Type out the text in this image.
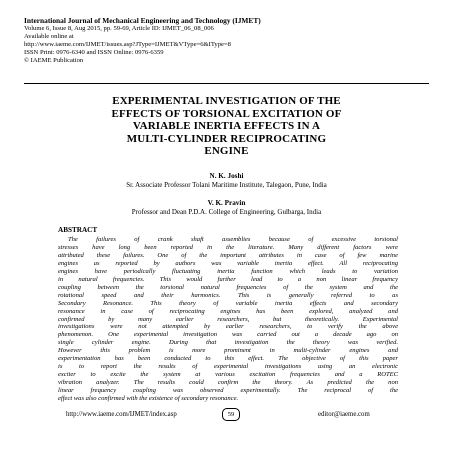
International Journal of Mechanical Engineering and Technology (IJMET)
Volume 6, Issue 8, Aug 2015, pp. 59-69, Article ID: IJMET_06_08_006
Available online at
http://www.iaeme.com/IJMET/issues.asp?JType=IJMET&VType=6&IType=8
ISSN Print: 0976-6340 and ISSN Online: 0976-6359
© IAEME Publication
EXPERIMENTAL INVESTIGATION OF THE
EFFECTS OF TORSIONAL EXCITATION OF
VARIABLE INERTIA EFFECTS IN A
MULTI-CYLINDER RECIPROCATING
ENGINE
N. K. Joshi
Sr. Associate Professor Tolani Maritime Institute, Talegaon, Pune, India
V. K. Pravin
Professor and Dean P.D.A. College of Engineering, Gulbarga, India
ABSTRACT
The failures of crank shaft assemblies because of excessive torsional
stresses have long been reported in the literature. Many different factors were
attributed these failures. One of the important attributes in case of few marine
engines as reported by authors was variable inertia effect. All reciprocating
engines have periodically fluctuating inertia function which leads to variation
in natural frequencies. This would further lead to a non linear frequency
coupling between the torsional natural frequencies of the system and the
rotational speed and their harmonics. This is generally referred to as
Secondary Resonance. This theory of variable inertia effects and secondary
resonance in case of reciprocating engines has been explored, analyzed and
confirmed by many earlier researchers, but theoretically. Experimental
investigations were not attempted by earlier researchers, to verify the above
phenomenon. One experimental investigation was carried out a decade ago on
single cylinder engine. During that investigation the theory was verified.
However this problem is more prominent in multi-cylinder engines and
experimentation has been conducted to this effect. The objective of this paper
is to report the results of experimental investigations using an electronic
exciter to excite the system at various excitation frequencies and a ROTEC
vibration analyzer. The results could confirm the theory. As predicted the non
linear frequency coupling was observed experimentally. The reciprocal of the
effect was also confirmed with the existence of secondary resonance.
http://www.iaeme.com/IJMET/index.asp	59	editor@iaeme.com
